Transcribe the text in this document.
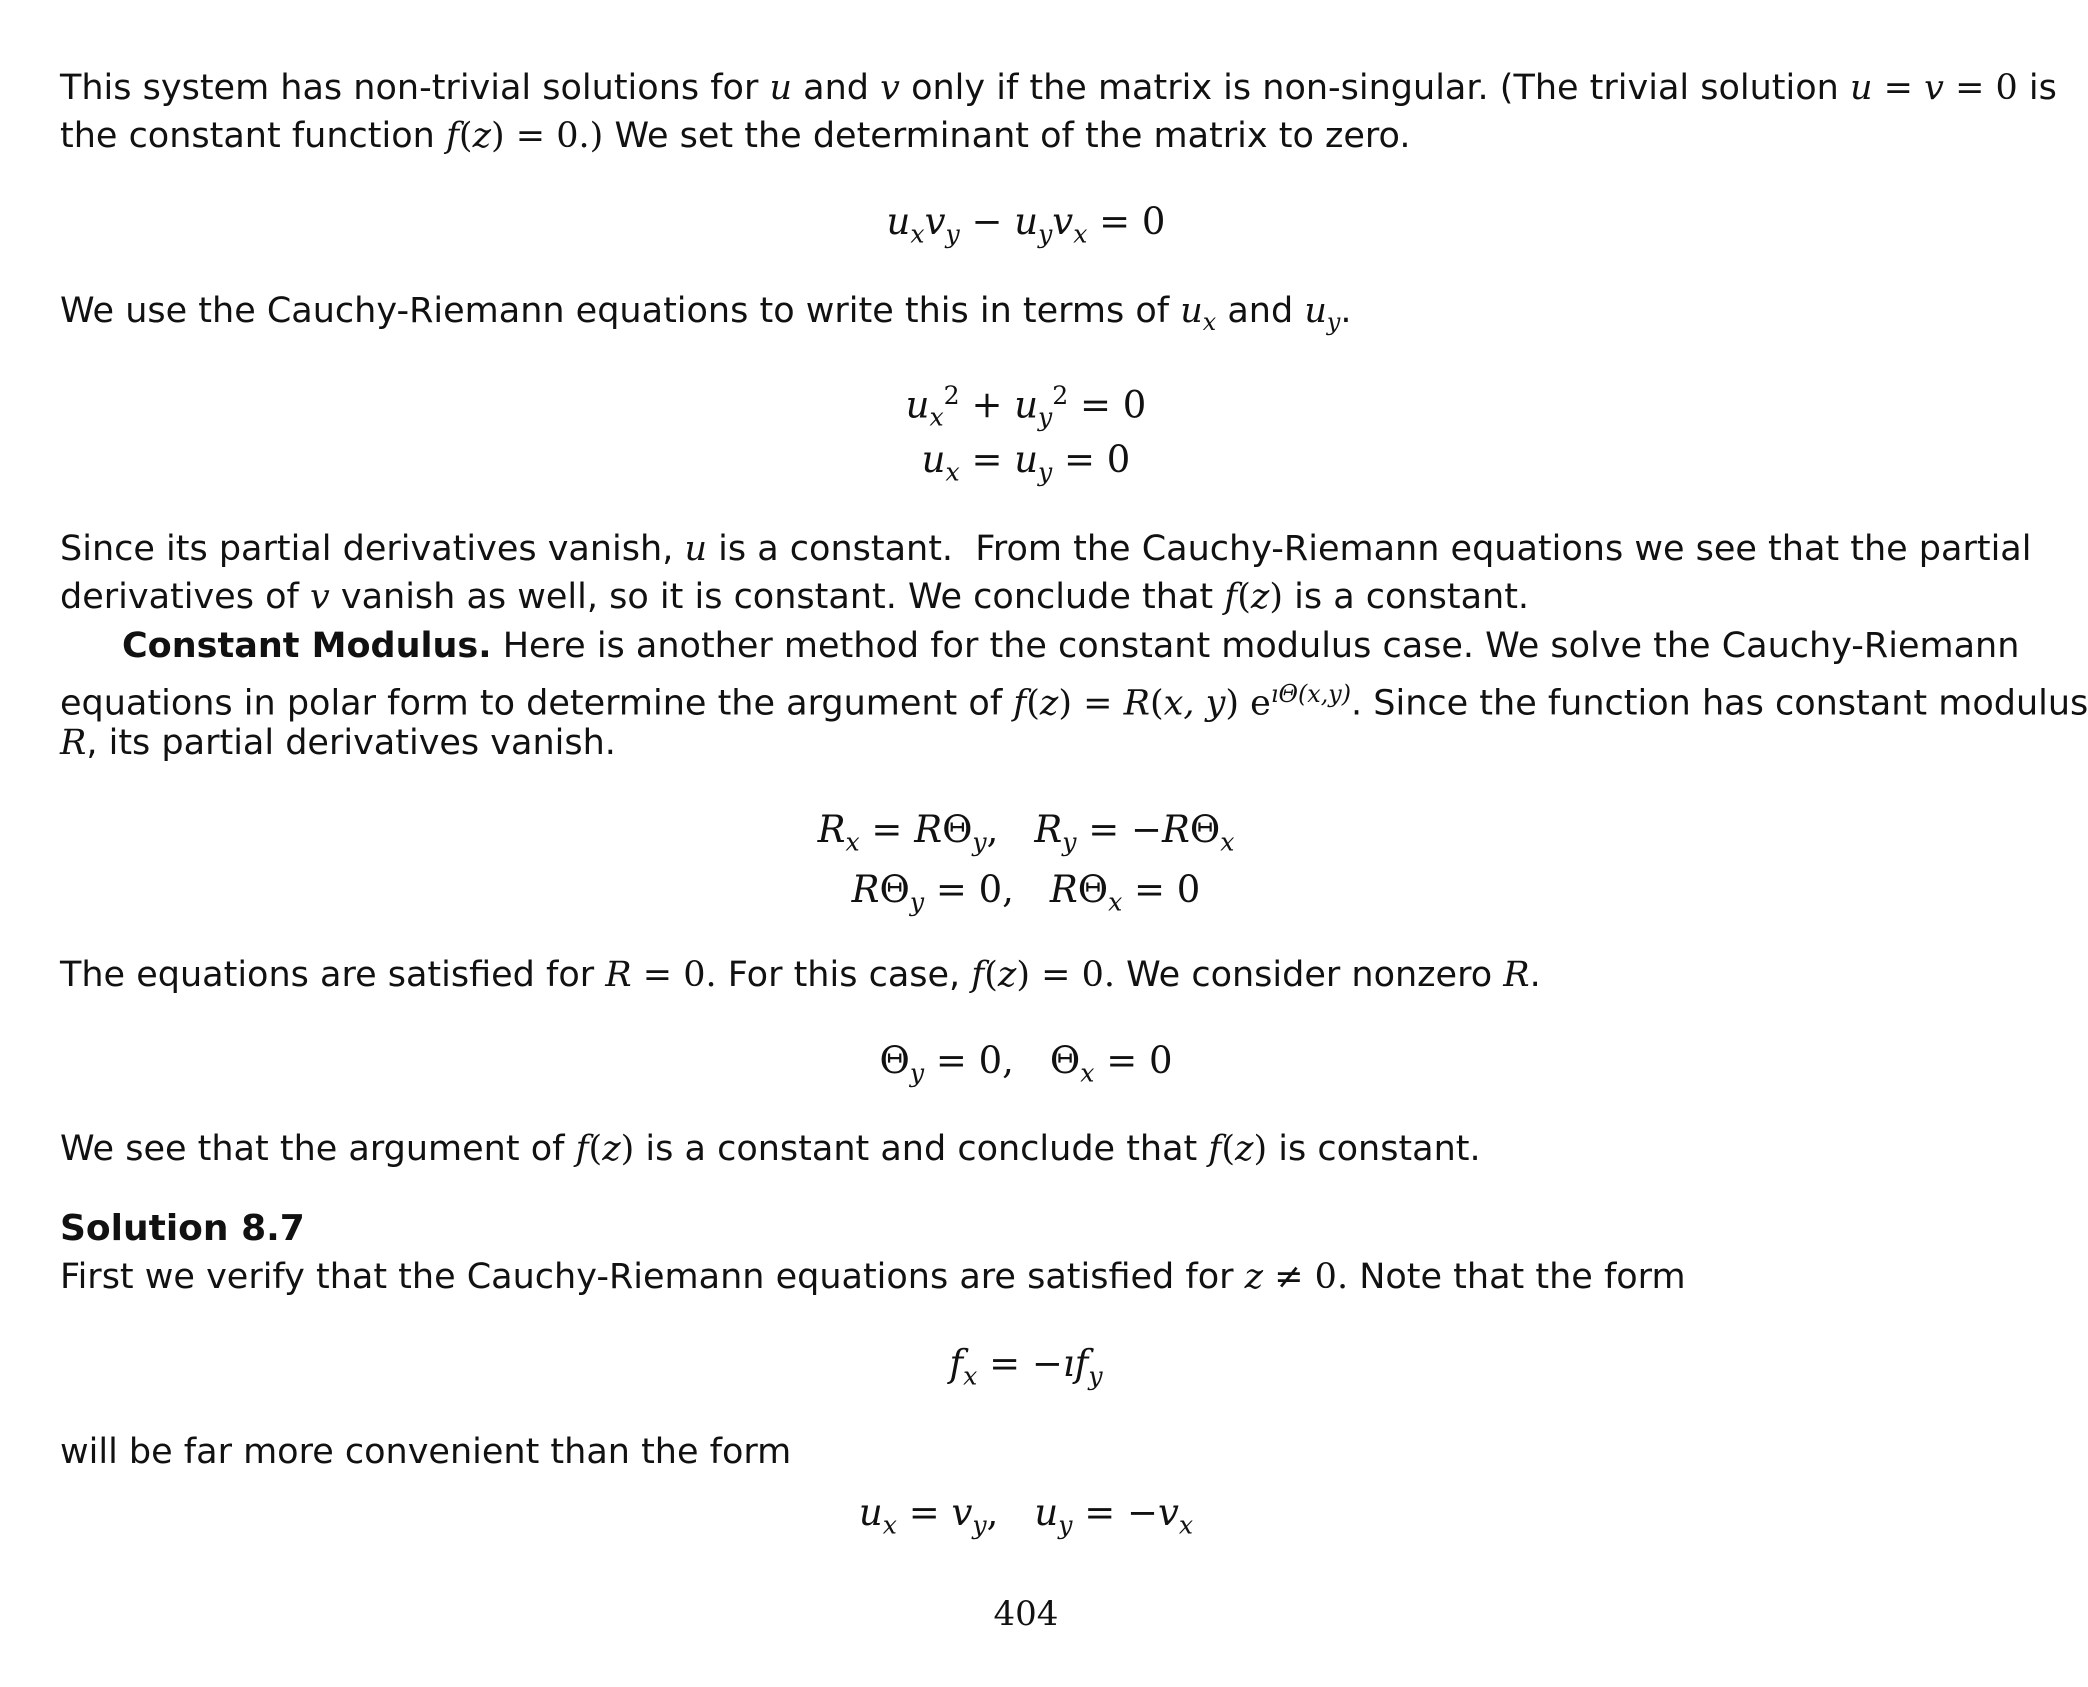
This system has non-trivial solutions for u and v only if the matrix is non-singular. (The trivial solution u = v = 0 is
the constant function f(z) = 0.) We set the determinant of the matrix to zero.
$u_xv_y - u_yv_x = 0$
We use the Cauchy-Riemann equations to write this in terms of $u_x$ and $u_y$.
$u_x^2 + u_y^2 = 0$
$u_x = u_y = 0$
Since its partial derivatives vanish, u is a constant.  From the Cauchy-Riemann equations we see that the partial
derivatives of v vanish as well, so it is constant. We conclude that f(z) is a constant.
Constant Modulus. Here is another method for the constant modulus case. We solve the Cauchy-Riemann
equations in polar form to determine the argument of f(z) = R(x, y) $e^{ı\Theta(x,y)}$. Since the function has constant modulus
R, its partial derivatives vanish.
$R_x = R\Theta_y$, $R_y = -R\Theta_x$
$R\Theta_y = 0$, $R\Theta_x = 0$
The equations are satisfied for R = 0. For this case, f(z) = 0. We consider nonzero R.
$\Theta_y = 0$, $\Theta_x = 0$
We see that the argument of f(z) is a constant and conclude that f(z) is constant.
Solution 8.7
First we verify that the Cauchy-Riemann equations are satisfied for z ≠ 0. Note that the form
$f_x$ = $-ıf_y$
will be far more convenient than the form
$u_x = v_y$, $u_y = -v_x$
404
